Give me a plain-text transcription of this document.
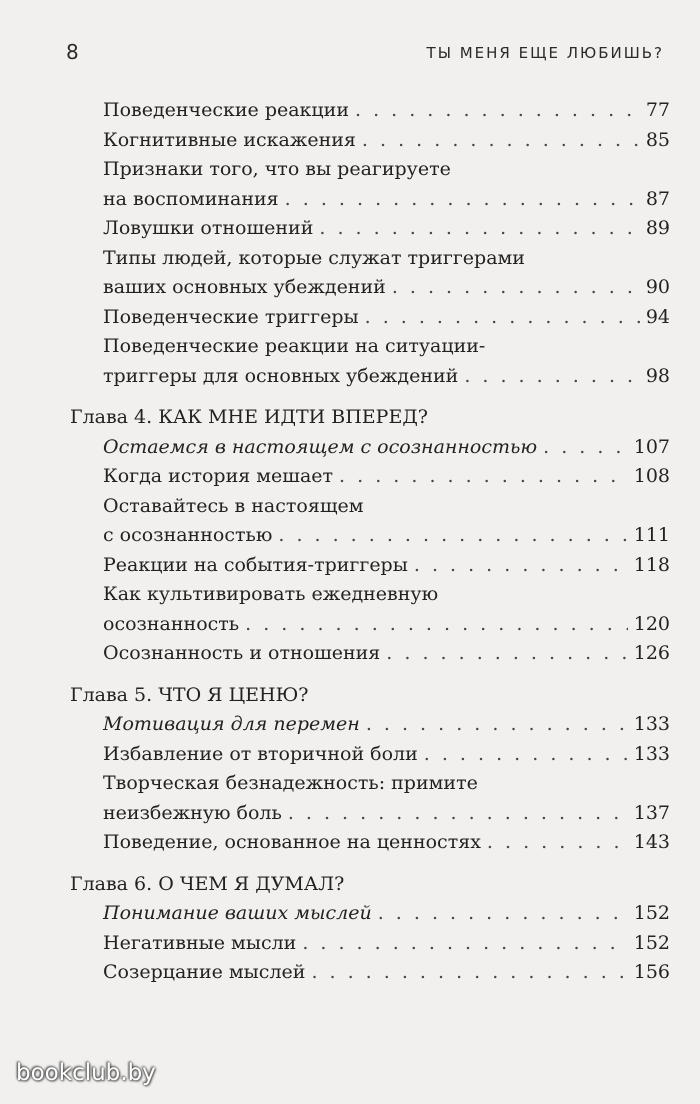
8	ТЫ МЕНЯ ЕЩЕ ЛЮБИШЬ?
Поведенческие реакции . . .	77
Когнитивные искажения . . .	85
Признаки того, что вы реагируете
на воспоминания . . .	87
Ловушки отношений . . .	89
Типы людей, которые служат триггерами
ваших основных убеждений . . .	90
Поведенческие триггеры . . .	94
Поведенческие реакции на ситуации-
триггеры для основных убеждений . . .	98
Глава 4. КАК МНЕ ИДТИ ВПЕРЕД?
Остаемся в настоящем с осознанностью . . .	107
Когда история мешает . . .	108
Оставайтесь в настоящем
с осознанностью . . .	111
Реакции на события-триггеры . . .	118
Как культивировать ежедневную
осознанность . . .	120
Осознанность и отношения . . .	126
Глава 5. ЧТО Я ЦЕНЮ?
Мотивация для перемен . . .	133
Избавление от вторичной боли . . .	133
Творческая безнадежность: примите
неизбежную боль . . .	137
Поведение, основанное на ценностях . . .	143
Глава 6. О ЧЕМ Я ДУМАЛ?
Понимание ваших мыслей . . .	152
Негативные мысли . . .	152
Созерцание мыслей . . .	156
bookclub.by
